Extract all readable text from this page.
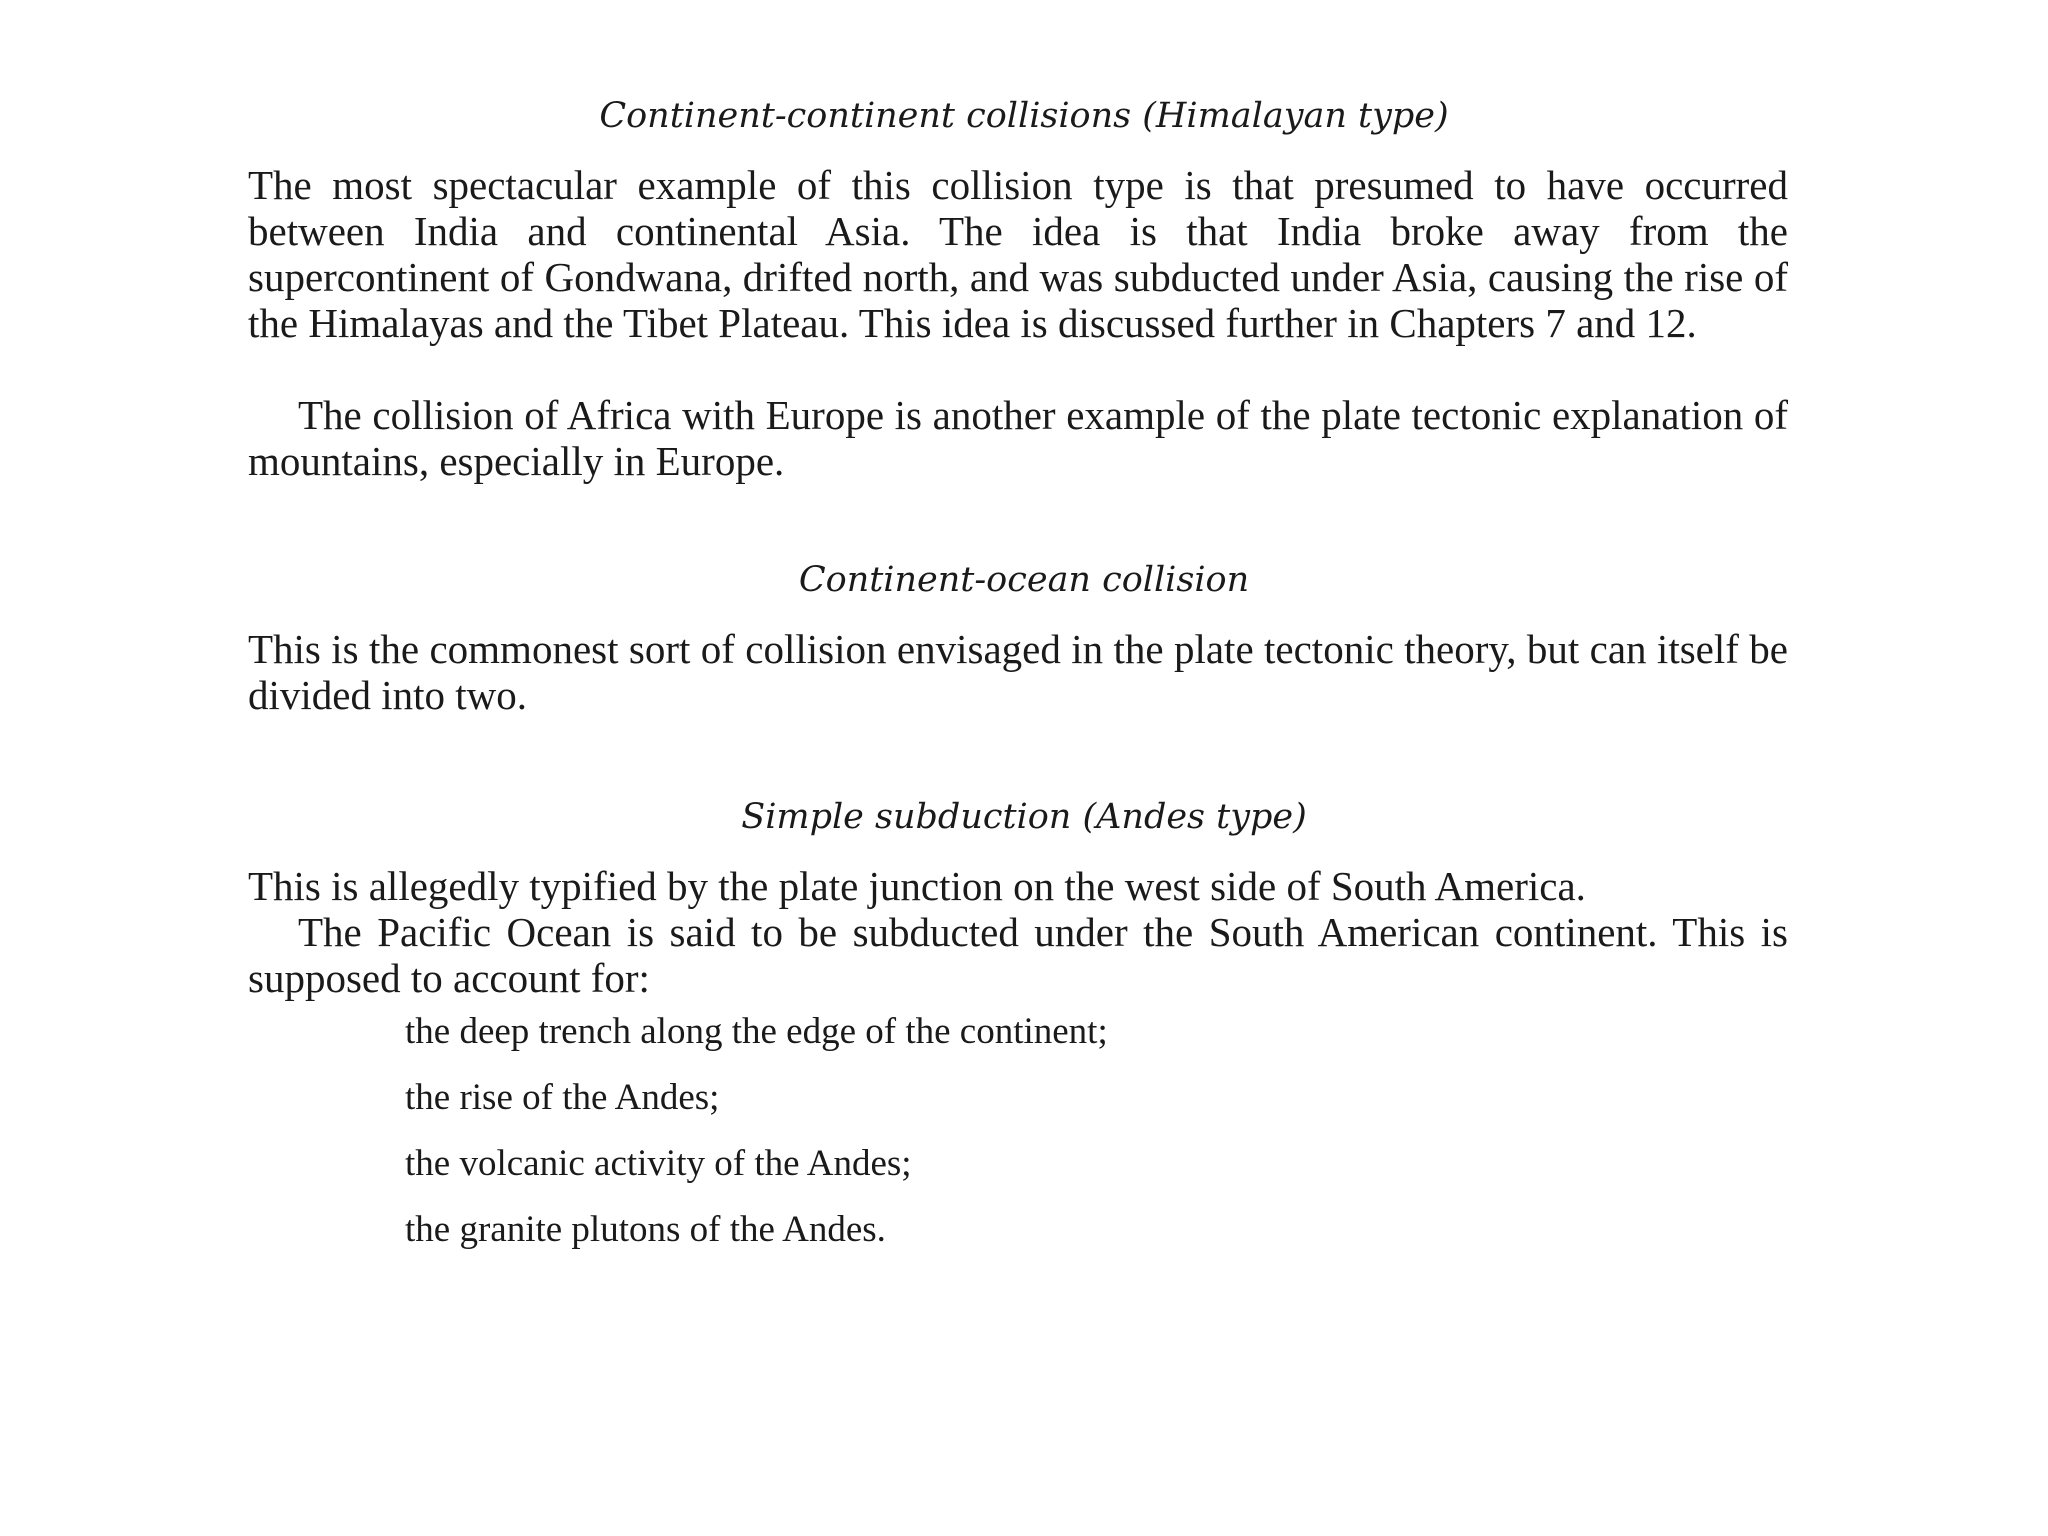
Continent-continent collisions (Himalayan type)

The most spectacular example of this collision type is that presumed to have occurred between India and continental Asia. The idea is that India broke away from the supercontinent of Gondwana, drifted north, and was subducted under Asia, causing the rise of the Himalayas and the Tibet Plateau. This idea is discussed further in Chapters 7 and 12.

The collision of Africa with Europe is another example of the plate tectonic explanation of mountains, especially in Europe.

Continent-ocean collision

This is the commonest sort of collision envisaged in the plate tectonic theory, but can itself be divided into two.

Simple subduction (Andes type)

This is allegedly typified by the plate junction on the west side of South America.

The Pacific Ocean is said to be subducted under the South American continent. This is supposed to account for:

the deep trench along the edge of the continent;
the rise of the Andes;
the volcanic activity of the Andes;
the granite plutons of the Andes.
